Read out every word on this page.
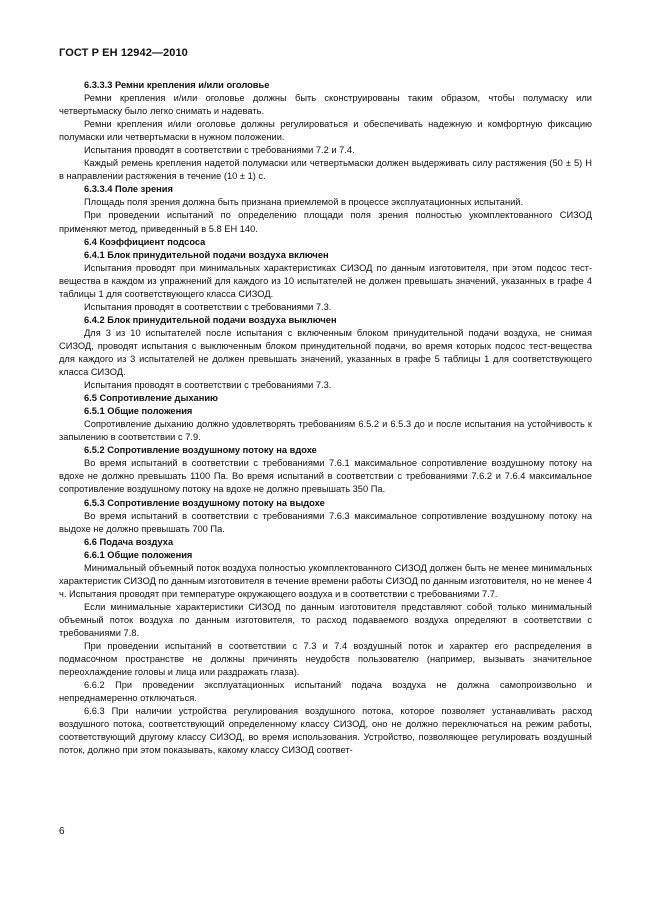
ГОСТ Р ЕН 12942—2010

6.3.3.3 Ремни крепления и/или оголовье

Ремни крепления и/или оголовье должны быть сконструированы таким образом, чтобы полумаску или четвертьмаску было легко снимать и надевать.

Ремни крепления и/или оголовье должны регулироваться и обеспечивать надежную и комфортную фиксацию полумаски или четвертьмаски в нужном положении.

Испытания проводят в соответствии с требованиями 7.2 и 7.4.

Каждый ремень крепления надетой полумаски или четвертьмаски должен выдерживать силу растяжения (50 ± 5) Н в направлении растяжения в течение (10 ± 1) с.

6.3.3.4 Поле зрения

Площадь поля зрения должна быть признана приемлемой в процессе эксплуатационных испытаний.

При проведении испытаний по определению площади поля зрения полностью укомплектованного СИЗОД применяют метод, приведенный в 5.8 ЕН 140.

6.4 Коэффициент подсоса

6.4.1 Блок принудительной подачи воздуха включен

Испытания проводят при минимальных характеристиках СИЗОД по данным изготовителя, при этом подсос тест-вещества в каждом из упражнений для каждого из 10 испытателей не должен превышать значений, указанных в графе 4 таблицы 1 для соответствующего класса СИЗОД.

Испытания проводят в соответствии с требованиями 7.3.

6.4.2 Блок принудительной подачи воздуха выключен

Для 3 из 10 испытателей после испытания с включенным блоком принудительной подачи воздуха, не снимая СИЗОД, проводят испытания с выключенным блоком принудительной подачи, во время которых подсос тест-вещества для каждого из 3 испытателей не должен превышать значений, указанных в графе 5 таблицы 1 для соответствующего класса СИЗОД.

Испытания проводят в соответствии с требованиями 7.3.

6.5 Сопротивление дыханию

6.5.1 Общие положения

Сопротивление дыханию должно удовлетворять требованиям 6.5.2 и 6.5.3 до и после испытания на устойчивость к запылению в соответствии с 7.9.

6.5.2 Сопротивление воздушному потоку на вдохе

Во время испытаний в соответствии с требованиями 7.6.1 максимальное сопротивление воздушному потоку на вдохе не должно превышать 1100 Па. Во время испытаний в соответствии с требованиями 7.6.2 и 7.6.4 максимальное сопротивление воздушному потоку на вдохе не должно превышать 350 Па.

6.5.3 Сопротивление воздушному потоку на выдохе

Во время испытаний в соответствии с требованиями 7.6.3 максимальное сопротивление воздушному потоку на выдохе не должно превышать 700 Па.

6.6 Подача воздуха

6.6.1 Общие положения

Минимальный объемный поток воздуха полностью укомплектованного СИЗОД должен быть не менее минимальных характеристик СИЗОД по данным изготовителя в течение времени работы СИЗОД по данным изготовителя, но не менее 4 ч. Испытания проводят при температуре окружающего воздуха и в соответствии с требованиями 7.7.

Если минимальные характеристики СИЗОД по данным изготовителя представляют собой только минимальный объемный поток воздуха по данным изготовителя, то расход подаваемого воздуха определяют в соответствии с требованиями 7.8.

При проведении испытаний в соответствии с 7.3 и 7.4 воздушный поток и характер его распределения в подмасочном пространстве не должны причинять неудобств пользователю (например, вызывать значительное переохлаждение головы и лица или раздражать глаза).

6.6.2 При проведении эксплуатационных испытаний подача воздуха не должна самопроизвольно и непреднамеренно отключаться.

6.6.3 При наличии устройства регулирования воздушного потока, которое позволяет устанавливать расход воздушного потока, соответствующий определенному классу СИЗОД, оно не должно переключаться на режим работы, соответствующий другому классу СИЗОД, во время использования. Устройство, позволяющее регулировать воздушный поток, должно при этом показывать, какому классу СИЗОД соответ-

6
